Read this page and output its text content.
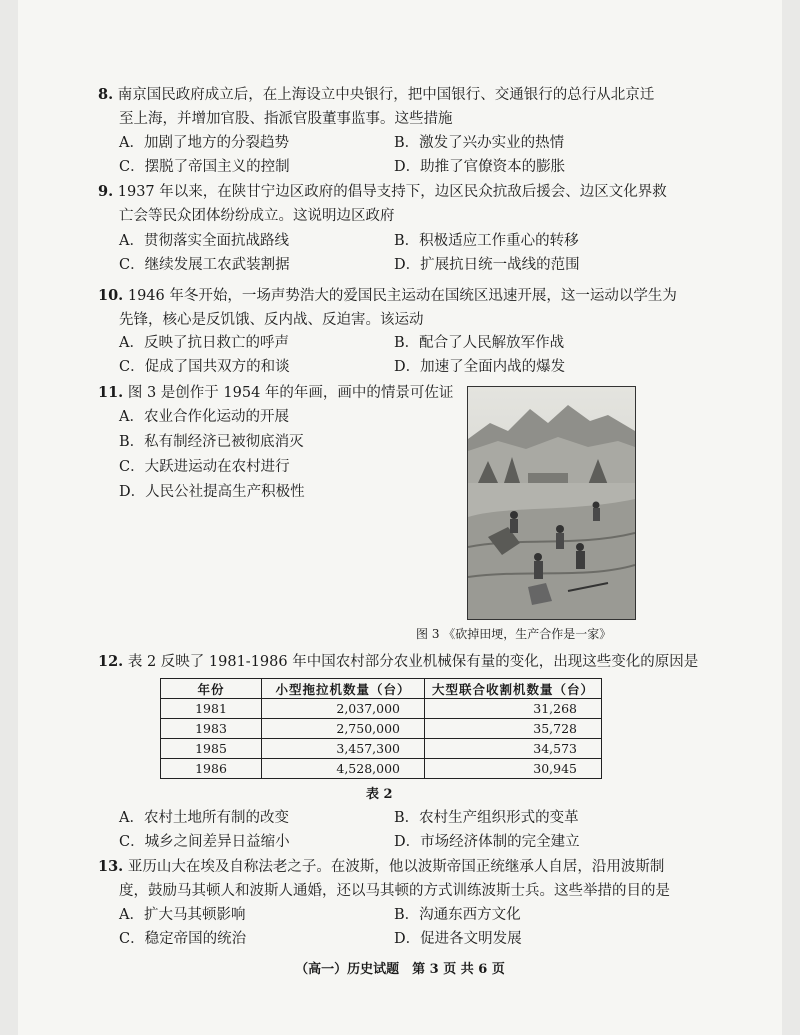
8. 南京国民政府成立后，在上海设立中央银行，把中国银行、交通银行的总行从北京迁
至上海，并增加官股、指派官股董事监事。这些措施
A．加剧了地方的分裂趋势	B．激发了兴办实业的热情
C．摆脱了帝国主义的控制	D．助推了官僚资本的膨胀
9. 1937 年以来，在陕甘宁边区政府的倡导支持下，边区民众抗敌后援会、边区文化界救
亡会等民众团体纷纷成立。这说明边区政府
A．贯彻落实全面抗战路线	B．积极适应工作重心的转移
C．继续发展工农武装割据	D．扩展抗日统一战线的范围
10. 1946 年冬开始，一场声势浩大的爱国民主运动在国统区迅速开展，这一运动以学生为
先锋，核心是反饥饿、反内战、反迫害。该运动
A．反映了抗日救亡的呼声	B．配合了人民解放军作战
C．促成了国共双方的和谈	D．加速了全面内战的爆发
11. 图 3 是创作于 1954 年的年画，画中的情景可佐证
A．农业合作化运动的开展
B．私有制经济已被彻底消灭
C．大跃进运动在农村进行
D．人民公社提高生产积极性
图 3 《砍掉田埂，生产合作是一家》
12. 表 2 反映了 1981-1986 年中国农村部分农业机械保有量的变化，出现这些变化的原因是
年份	小型拖拉机数量（台）	大型联合收割机数量（台）
1981	2,037,000	31,268
1983	2,750,000	35,728
1985	3,457,300	34,573
1986	4,528,000	30,945
表 2
A．农村土地所有制的改变	B．农村生产组织形式的变革
C．城乡之间差异日益缩小	D．市场经济体制的完全建立
13. 亚历山大在埃及自称法老之子。在波斯，他以波斯帝国正统继承人自居，沿用波斯制
度，鼓励马其顿人和波斯人通婚，还以马其顿的方式训练波斯士兵。这些举措的目的是
A．扩大马其顿影响	B．沟通东西方文化
C．稳定帝国的统治	D．促进各文明发展
（高一）历史试题　第 3 页 共 6 页
